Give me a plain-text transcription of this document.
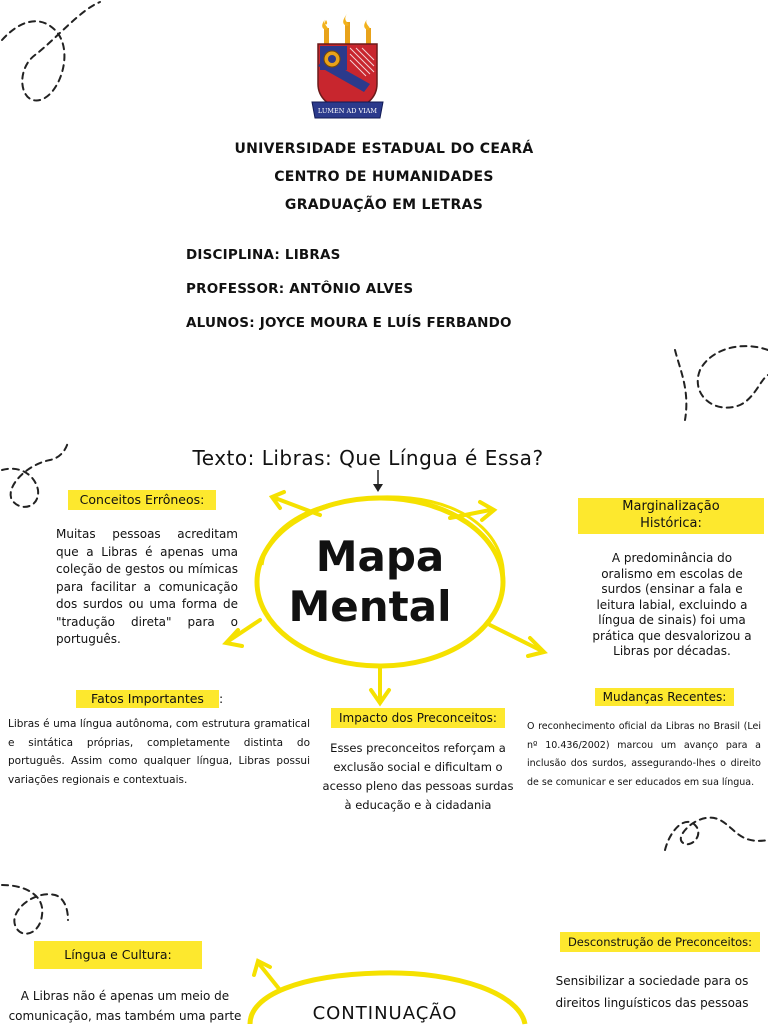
LUMEN AD VIAM
UNIVERSIDADE ESTADUAL DO CEARÁ
CENTRO DE HUMANIDADES
GRADUAÇÃO EM LETRAS
DISCIPLINA: LIBRAS
PROFESSOR: ANTÔNIO ALVES
ALUNOS: JOYCE MOURA E LUÍS FERBANDO
Texto: Libras: Que Língua é Essa?
Mapa
Mental
Conceitos Errôneos:
Muitas pessoas acreditam que a Libras é apenas uma coleção de gestos ou mímicas para facilitar a comunicação dos surdos ou uma forma de "tradução direta" para o português.
Marginalização
Histórica:
A predominância do oralismo em escolas de surdos (ensinar a fala e leitura labial, excluindo a língua de sinais) foi uma prática que desvalorizou a Libras por décadas.
Fatos Importantes :
Libras é uma língua autônoma, com estrutura gramatical e sintática próprias, completamente distinta do português. Assim como qualquer língua, Libras possui variações regionais e contextuais.
Impacto dos Preconceitos:
Esses preconceitos reforçam a exclusão social e dificultam o acesso pleno das pessoas surdas à educação e à cidadania
Mudanças Recentes:
O reconhecimento oficial da Libras no Brasil (Lei nº 10.436/2002) marcou um avanço para a inclusão dos surdos, assegurando-lhes o direito de se comunicar e ser educados em sua língua.
Língua e Cultura:
A Libras não é apenas um meio de comunicação, mas também uma parte	CONTINUAÇÃO
Desconstrução de Preconceitos:
Sensibilizar a sociedade para os direitos linguísticos das pessoas
